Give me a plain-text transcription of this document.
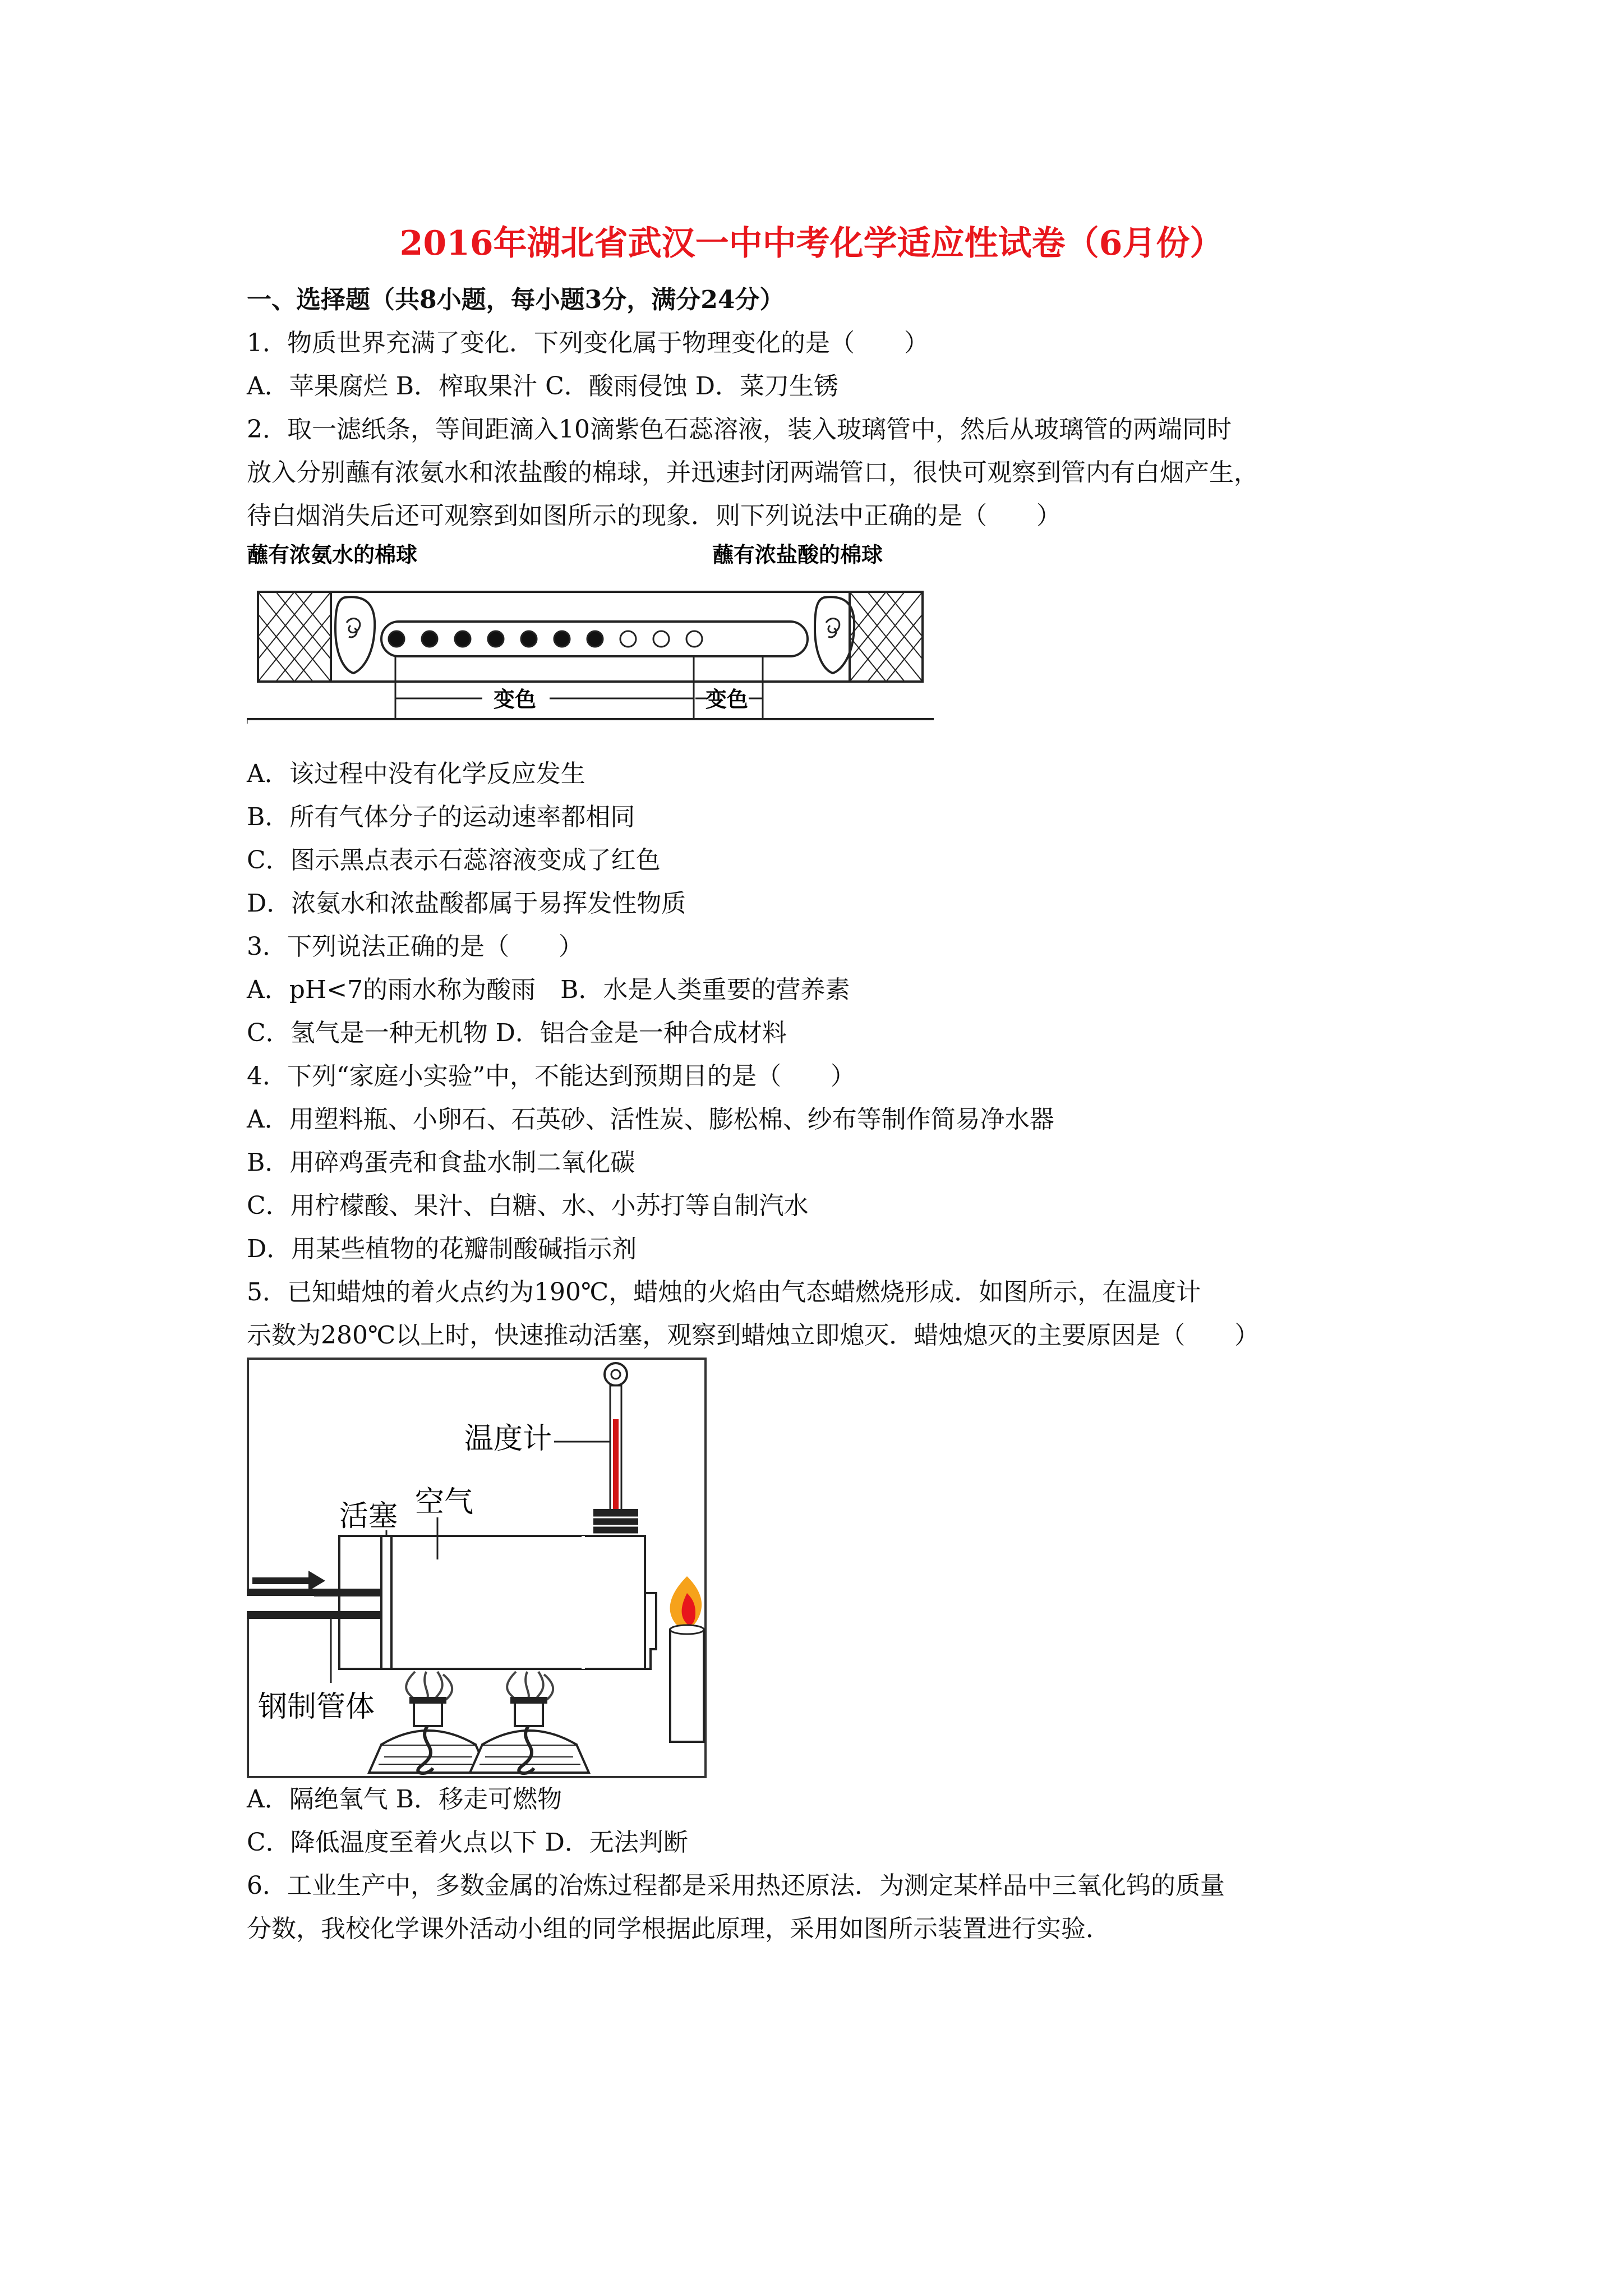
2016年湖北省武汉一中中考化学适应性试卷（6月份）

一、选择题（共8小题，每小题3分，满分24分）

1．物质世界充满了变化．下列变化属于物理变化的是（　　）

A．苹果腐烂 B．榨取果汁 C．酸雨侵蚀 D．菜刀生锈

2．取一滤纸条，等间距滴入10滴紫色石蕊溶液，装入玻璃管中，然后从玻璃管的两端同时

放入分别蘸有浓氨水和浓盐酸的棉球，并迅速封闭两端管口，很快可观察到管内有白烟产生，

待白烟消失后还可观察到如图所示的现象．则下列说法中正确的是（　　）

蘸有浓氨水的棉球	蘸有浓盐酸的棉球
变色	变色

A．该过程中没有化学反应发生

B．所有气体分子的运动速率都相同

C．图示黑点表示石蕊溶液变成了红色

D．浓氨水和浓盐酸都属于易挥发性物质

3．下列说法正确的是（　　）

A．pH<7的雨水称为酸雨　B．水是人类重要的营养素

C．氢气是一种无机物 D．铝合金是一种合成材料

4．下列“家庭小实验”中，不能达到预期目的是（　　）

A．用塑料瓶、小卵石、石英砂、活性炭、膨松棉、纱布等制作简易净水器

B．用碎鸡蛋壳和食盐水制二氧化碳

C．用柠檬酸、果汁、白糖、水、小苏打等自制汽水

D．用某些植物的花瓣制酸碱指示剂

5．已知蜡烛的着火点约为190℃，蜡烛的火焰由气态蜡燃烧形成．如图所示，在温度计

示数为280℃以上时，快速推动活塞，观察到蜡烛立即熄灭．蜡烛熄灭的主要原因是（　　）

温度计
活塞 空气
钢制管体

A．隔绝氧气 B．移走可燃物

C．降低温度至着火点以下 D．无法判断

6．工业生产中，多数金属的冶炼过程都是采用热还原法．为测定某样品中三氧化钨的质量

分数，我校化学课外活动小组的同学根据此原理，采用如图所示装置进行实验．
